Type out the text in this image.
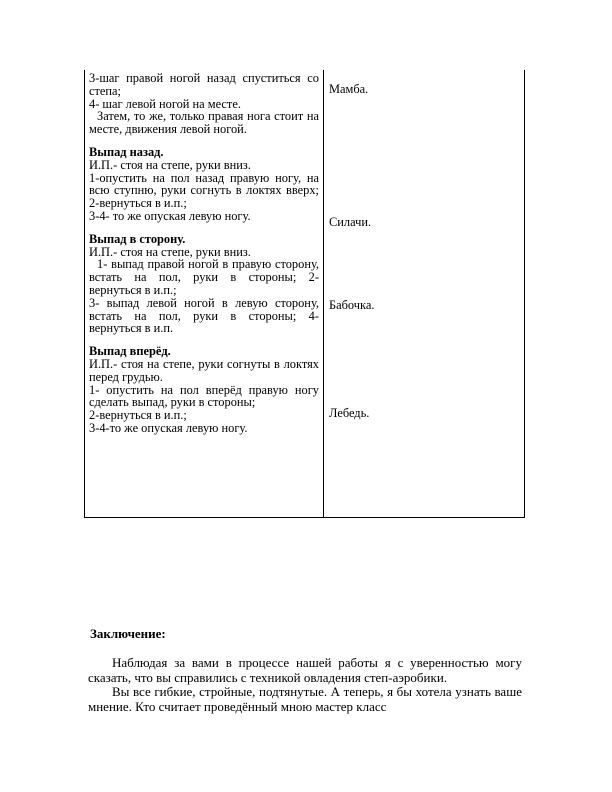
3-шаг правой ногой назад спуститься со степа;

4- шаг левой ногой на месте.

Затем, то же, только правая нога стоит на месте, движения левой ногой.

Выпад назад.

И.П.- стоя на степе, руки вниз.

1-опустить на пол назад правую ногу, на всю ступню, руки согнуть в локтях вверх; 2-вернуться в и.п.;

3-4- то же опуская левую ногу.

Выпад в сторону.

И.П.- стоя на степе, руки вниз.

1- выпад правой ногой в правую сторону, встать на пол, руки в стороны; 2- вернуться в и.п.;

3- выпад левой ногой в левую сторону, встать на пол, руки в стороны; 4- вернуться в и.п.

Выпад вперёд.

И.П.- стоя на степе, руки согнуты в локтях перед грудью.

1- опустить на пол вперёд правую ногу сделать выпад, руки в стороны;

2-вернуться в и.п.;

3-4-то же опуская левую ногу.

Мамба.
Силачи.
Бабочка.
Лебедь.
Заключение:

Наблюдая за вами в процессе нашей работы я с уверенностью могу сказать, что вы справились с техникой овладения степ-аэробики.

Вы все гибкие, стройные, подтянутые. А теперь, я бы хотела узнать ваше мнение. Кто считает проведённый мною мастер класс
